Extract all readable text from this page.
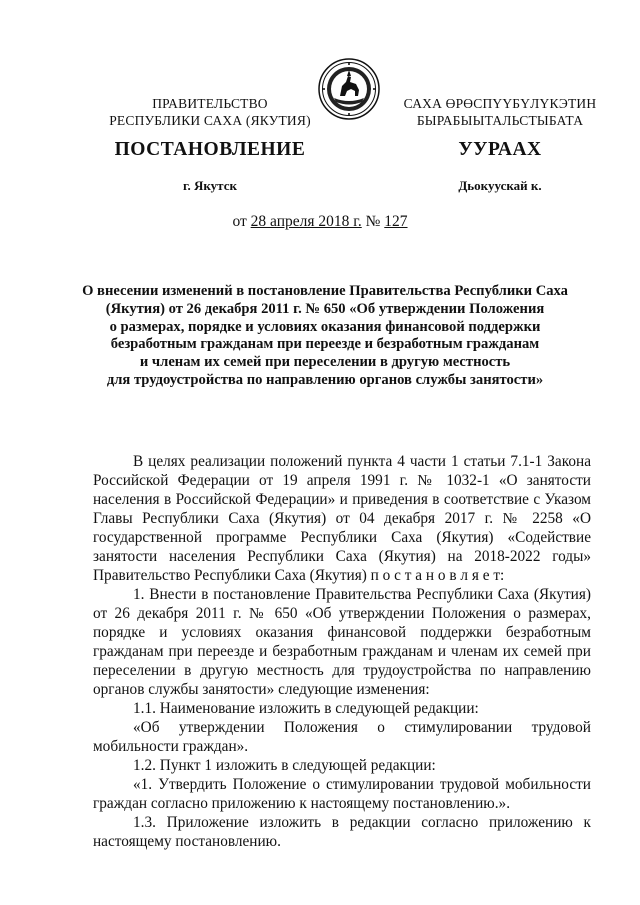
ПРАВИТЕЛЬСТВО
РЕСПУБЛИКИ САХА (ЯКУТИЯ)
САХА ӨРӨСПҮҮБҮЛҮКЭТИН
БЫРАБЫЫТАЛЬСТЫБАТА
ПОСТАНОВЛЕНИЕ	УУРААХ
г. Якутск	Дьокуускай к.
от 28 апреля 2018 г. № 127
О внесении изменений в постановление Правительства Республики Саха
(Якутия) от 26 декабря 2011 г. № 650 «Об утверждении Положения
о размерах, порядке и условиях оказания финансовой поддержки
безработным гражданам при переезде и безработным гражданам
и членам их семей при переселении в другую местность
для трудоустройства по направлению органов службы занятости»

В целях реализации положений пункта 4 части 1 статьи 7.1-1 Закона Российской Федерации от 19 апреля 1991 г. № 1032-1 «О занятости населения в Российской Федерации» и приведения в соответствие с Указом Главы Республики Саха (Якутия) от 04 декабря 2017 г. № 2258 «О государственной программе Республики Саха (Якутия) «Содействие занятости населения Республики Саха (Якутия) на 2018-2022 годы» Правительство Республики Саха (Якутия) п о с т а н о в л я е т:

1. Внести в постановление Правительства Республики Саха (Якутия) от 26 декабря 2011 г. № 650 «Об утверждении Положения о размерах, порядке и условиях оказания финансовой поддержки безработным гражданам при переезде и безработным гражданам и членам их семей при переселении в другую местность для трудоустройства по направлению органов службы занятости» следующие изменения:

1.1. Наименование изложить в следующей редакции:

«Об утверждении Положения о стимулировании трудовой мобильности граждан».

1.2. Пункт 1 изложить в следующей редакции:

«1. Утвердить Положение о стимулировании трудовой мобильности граждан согласно приложению к настоящему постановлению.».

1.3. Приложение изложить в редакции согласно приложению к настоящему постановлению.
